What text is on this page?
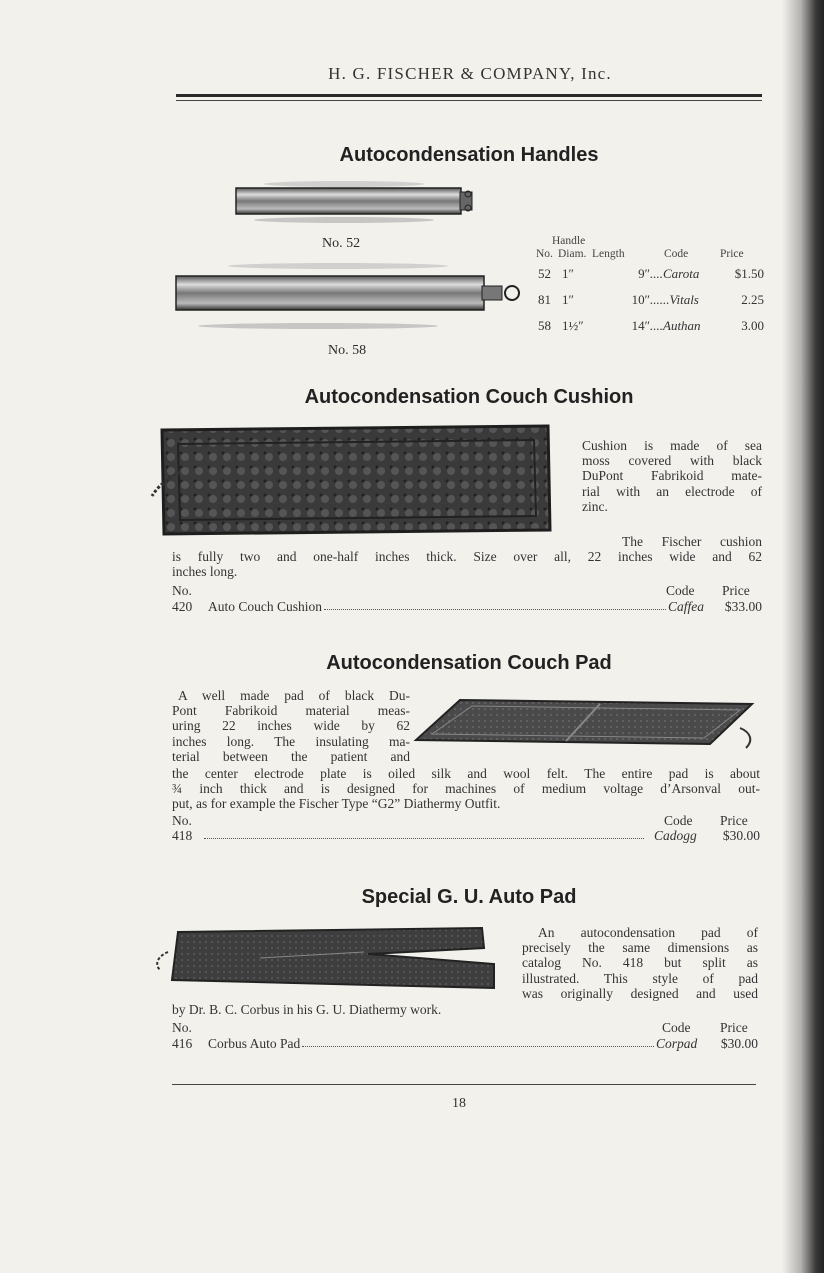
H. G. FISCHER & COMPANY, Inc.
Autocondensation Handles
No. 52
No. 58
Handle
No. Diam. Length	Code	Price
52 1″	9″ ....Carota	$1.50
81 1″	10″ ......Vitals	2.25
58 1½″	14″ ....Authan	3.00
Autocondensation Couch Cushion
Cushion is made of sea
moss covered with black
DuPont Fabrikoid mate-
rial with an electrode of
zinc.
The Fischer cushion
is fully two and one-half inches thick. Size over all, 22 inches wide and 62
inches long.
No.	Code Price
420	Auto Couch Cushion	Caffea	$33.00
Autocondensation Couch Pad
A well made pad of black Du-
Pont Fabrikoid material meas-
uring 22 inches wide by 62
inches long. The insulating ma-
terial between the patient and
the center electrode plate is oiled silk and wool felt. The entire pad is about
¾ inch thick and is designed for machines of medium voltage d’Arsonval out-
put, as for example the Fischer Type “G2” Diathermy Outfit.
No.	Code Price
418	Cadogg	$30.00
Special G. U. Auto Pad
An autocondensation pad of
precisely the same dimensions as
catalog No. 418 but split as
illustrated. This style of pad
was originally designed and used
by Dr. B. C. Corbus in his G. U. Diathermy work.
No.	Code Price
416	Corbus Auto Pad	Corpad	$30.00
18
